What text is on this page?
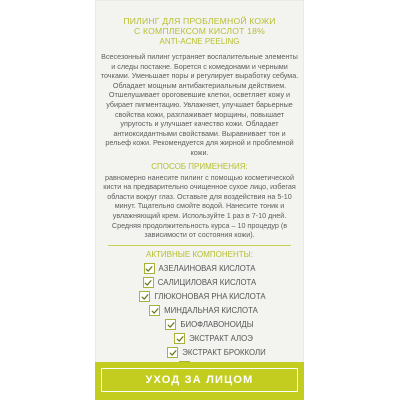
ПИЛИНГ ДЛЯ ПРОБЛЕМНОЙ КОЖИ
С КОМПЛЕКСОМ КИСЛОТ 18%
ANTI-ACNE PEELING
Всесезонный пилинг устраняет воспалительные элементы и следы постакне. Борется с комедонами и черными точками. Уменьшает поры и регулирует выработку себума. Обладает мощным антибактериальным действием. Отшелушивает ороговевшие клетки, осветляет кожу и убирает пигментацию. Увлажняет, улучшает барьерные свойства кожи, разглаживает морщины, повышает упругость и улучшает качество кожи. Обладает антиоксидантными свойствами. Выравнивает тон и рельеф кожи. Рекомендуется для жирной и проблемной кожи.
СПОСОБ ПРИМЕНЕНИЯ:
равномерно нанесите пилинг с помощью косметической кисти на предварительно очищенное сухое лицо, избегая области вокруг глаз. Оставьте для воздействия на 5-10 минут. Тщательно смойте водой. Нанесите тоник и увлажняющий крем. Используйте 1 раз в 7-10 дней. Средняя продолжительность курса – 10 процедур (в зависимости от состояния кожи).
АКТИВНЫЕ КОМПОНЕНТЫ:
АЗЕЛАИНОВАЯ КИСЛОТА
САЛИЦИЛОВАЯ КИСЛОТА
ГЛЮКОНОВАЯ PHA КИСЛОТА
МИНДАЛЬНАЯ КИСЛОТА
БИОФЛАВОНОИДЫ
ЭКСТРАКТ АЛОЭ
ЭКСТРАКТ БРОККОЛИ
УХОД ЗА ЛИЦОМ
